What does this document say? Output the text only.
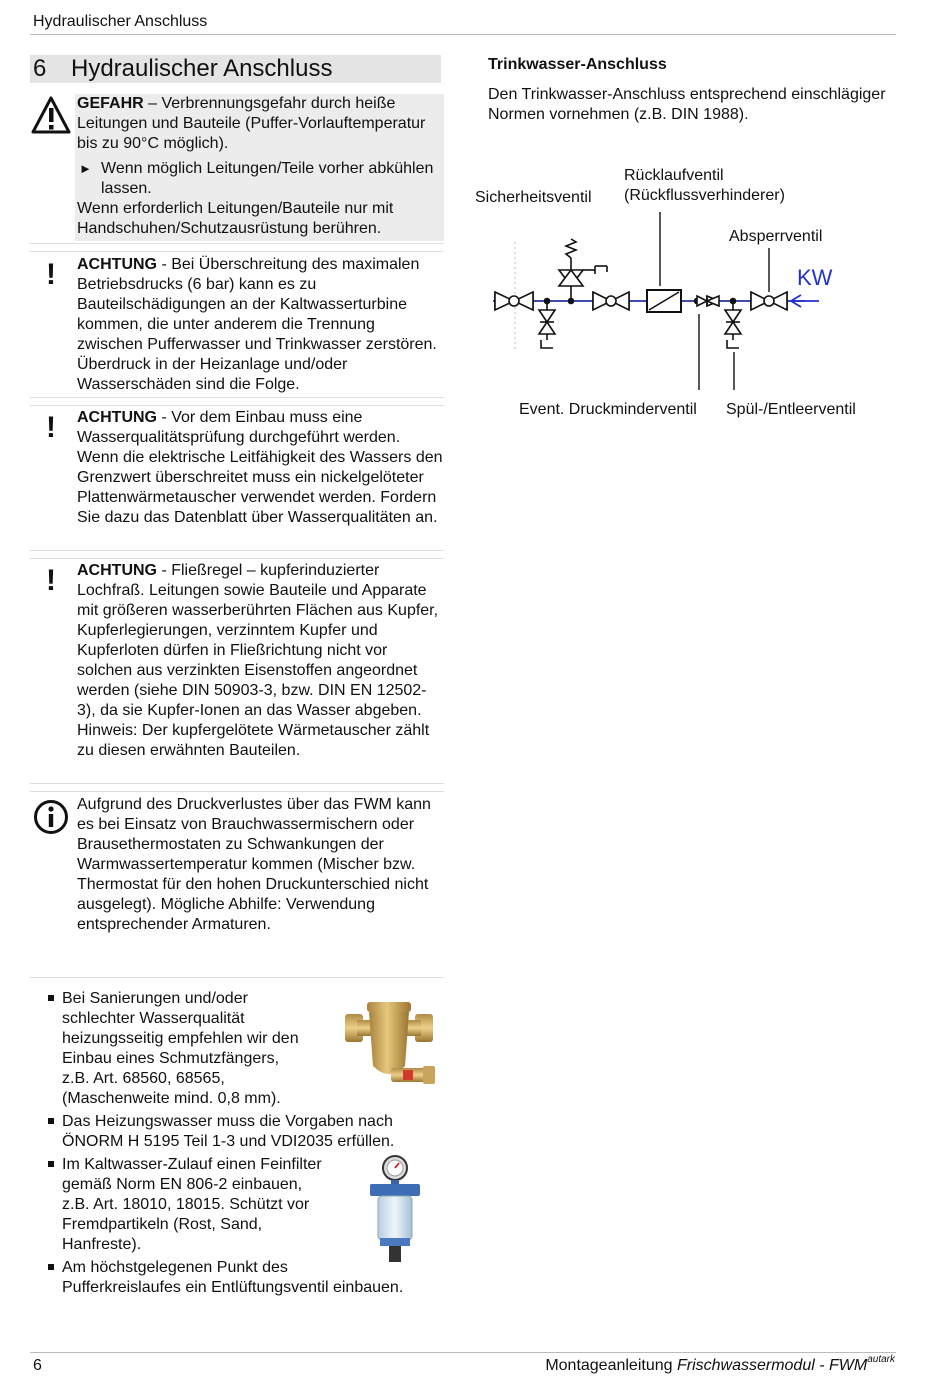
Hydraulischer Anschluss
6 Hydraulischer Anschluss

GEFAHR – Verbrennungsgefahr durch heiße Leitungen und Bauteile (Puffer-Vorlauftemperatur bis zu 90°C möglich).

► Wenn möglich Leitungen/Teile vorher abkühlen lassen.

Wenn erforderlich Leitungen/Bauteile nur mit Handschuhen/Schutzausrüstung berühren.

!	ACHTUNG - Bei Überschreitung des maximalen Betriebsdrucks (6 bar) kann es zu Bauteilschädigungen an der Kaltwasserturbine kommen, die unter anderem die Trennung zwischen Pufferwasser und Trinkwasser zerstören. Überdruck in der Heizanlage und/oder Wasserschäden sind die Folge.

!	ACHTUNG - Vor dem Einbau muss eine Wasserqualitätsprüfung durchgeführt werden. Wenn die elektrische Leitfähigkeit des Wassers den Grenzwert überschreitet muss ein nickelgelöteter Plattenwärmetauscher verwendet werden. Fordern Sie dazu das Datenblatt über Wasserqualitäten an.

!	ACHTUNG - Fließregel – kupferinduzierter Lochfraß. Leitungen sowie Bauteile und Apparate mit größeren wasserberührten Flächen aus Kupfer, Kupferlegierungen, verzinntem Kupfer und Kupferloten dürfen in Fließrichtung nicht vor solchen aus verzinkten Eisenstoffen angeordnet werden (siehe DIN 50903-3, bzw. DIN EN 12502-3), da sie Kupfer-Ionen an das Wasser abgeben. Hinweis: Der kupfergelötete Wärmetauscher zählt zu diesen erwähnten Bauteilen.

Aufgrund des Druckverlustes über das FWM kann es bei Einsatz von Brauchwassermischern oder Brausethermostaten zu Schwankungen der Warmwassertemperatur kommen (Mischer bzw. Thermostat für den hohen Druckunterschied nicht ausgelegt). Mögliche Abhilfe: Verwendung entsprechender Armaturen.

Bei Sanierungen und/oder
schlechter Wasserqualität
heizungsseitig empfehlen wir den
Einbau eines Schmutzfängers,
z.B. Art. 68560, 68565,
(Maschenweite mind. 0,8 mm).
Das Heizungswasser muss die Vorgaben nach
ÖNORM H 5195 Teil 1-3 und VDI2035 erfüllen.
Im Kaltwasser-Zulauf einen Feinfilter
gemäß Norm EN 806-2 einbauen,
z.B. Art. 18010, 18015. Schützt vor
Fremdpartikeln (Rost, Sand,
Hanfreste).
Am höchstgelegenen Punkt des
Pufferkreislaufes ein Entlüftungsventil einbauen.
Trinkwasser-Anschluss
Den Trinkwasser-Anschluss entsprechend einschlägiger Normen vornehmen (z.B. DIN 1988).
Rücklaufventil
(Rückflussverhinderer)
Sicherheitsventil
Absperrventil
Event. Druckminderventil Spül-/Entleerventil
KW
6	Montageanleitung Frischwassermodul - $FWM^{autark}$
